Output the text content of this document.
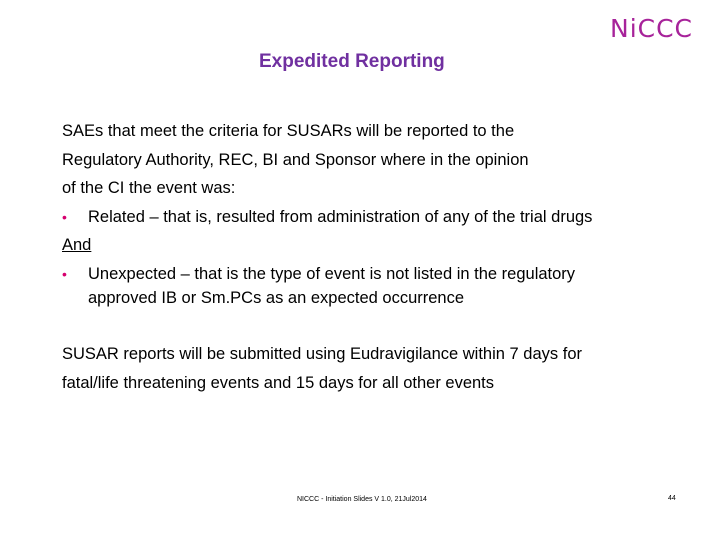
NiCCC
Expedited Reporting
SAEs that meet the criteria for SUSARs will be reported to the
Regulatory Authority, REC, BI and Sponsor where in the opinion
of the CI the event was:
• Related – that is, resulted from administration of any of the trial drugs
And
• Unexpected – that is the type of event is not listed in the regulatory
approved IB or Sm.PCs as an expected occurrence
SUSAR reports will be submitted using Eudravigilance within 7 days for
fatal/life threatening events and 15 days for all other events
NICCC - Initiation Slides V 1.0, 21Jul2014	44
